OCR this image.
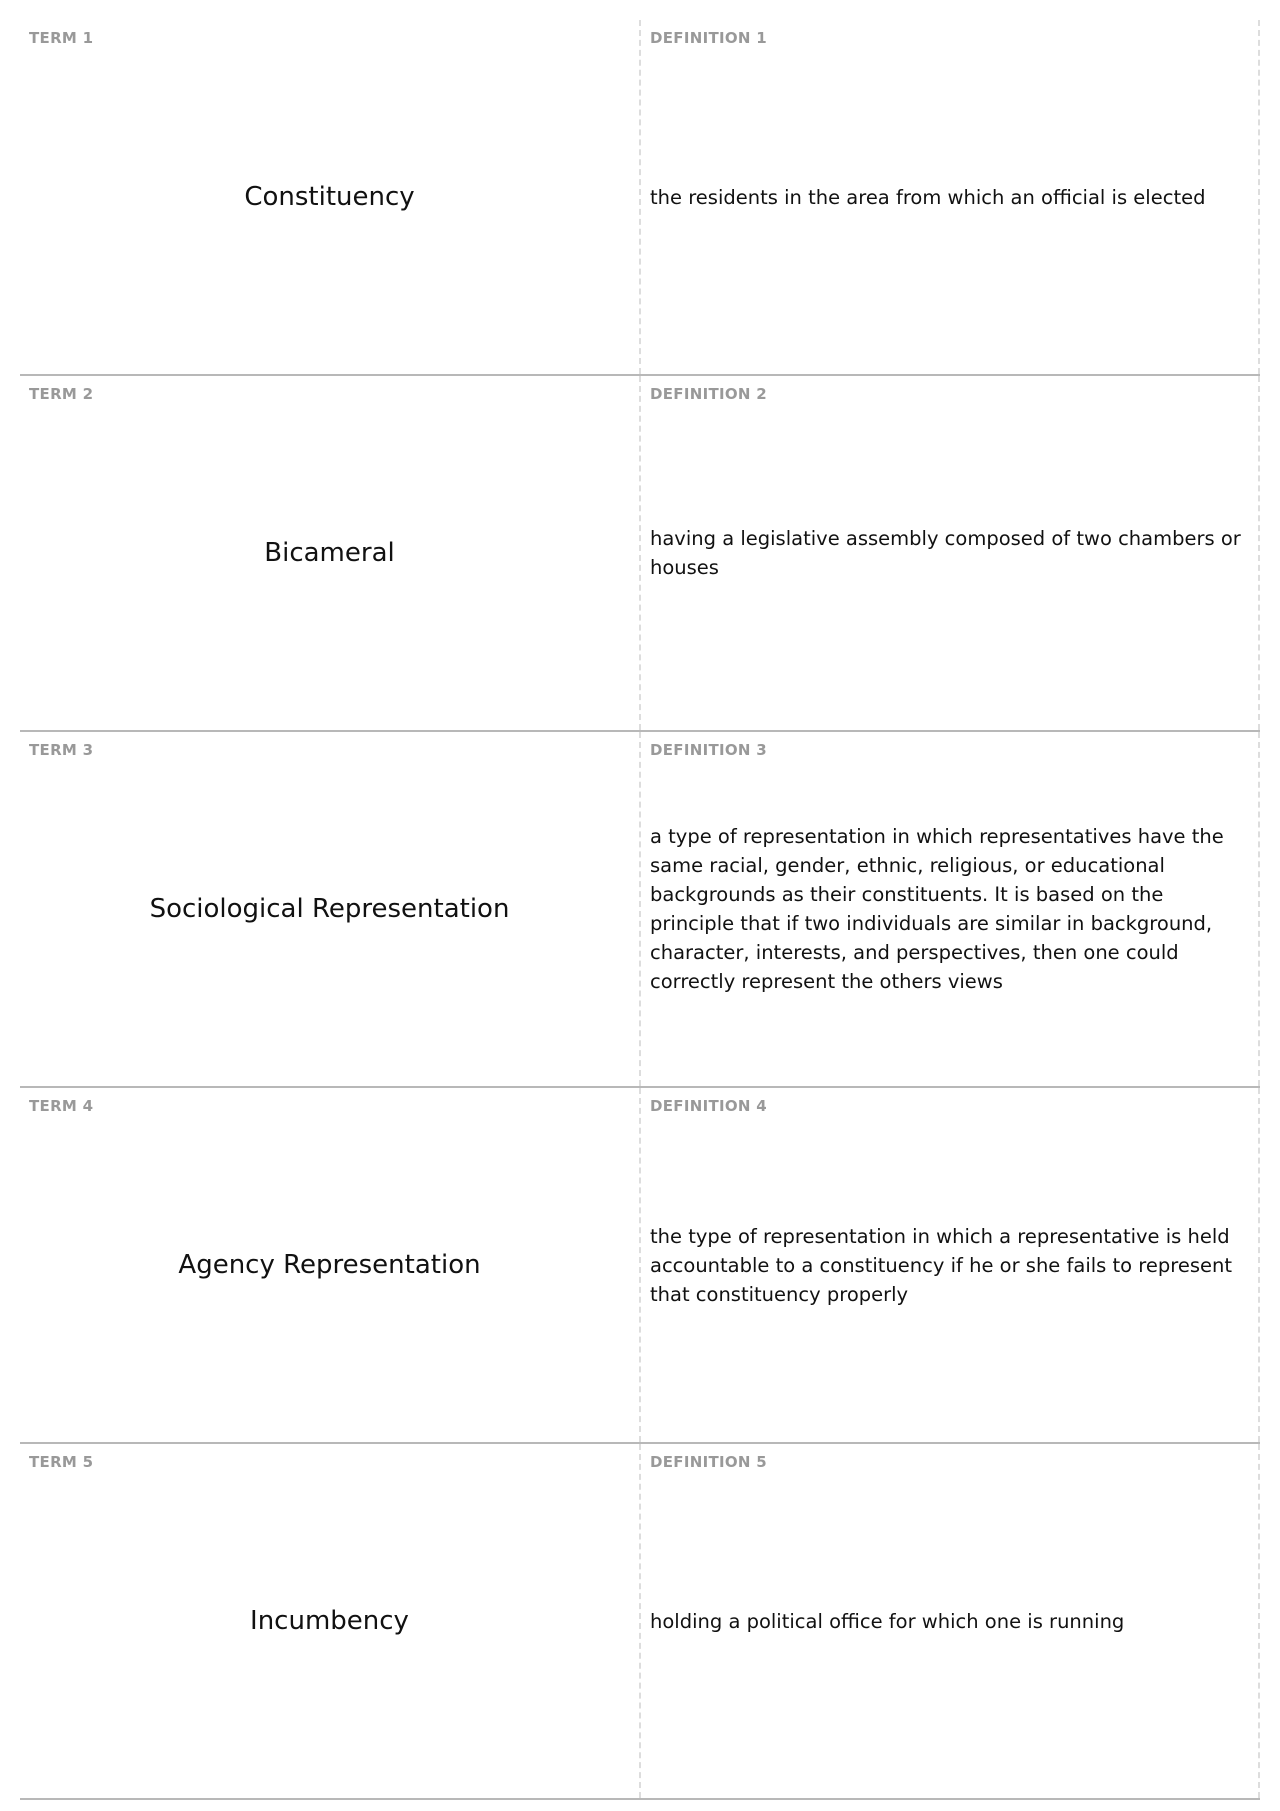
TERM 1
Constituency
DEFINITION 1
the residents in the area from which an official is elected
TERM 2
Bicameral
DEFINITION 2
having a legislative assembly composed of two chambers or houses
TERM 3
Sociological Representation
DEFINITION 3
a type of representation in which representatives have the same racial, gender, ethnic, religious, or educational backgrounds as their constituents. It is based on the principle that if two individuals are similar in background, character, interests, and perspectives, then one could correctly represent the others views
TERM 4
Agency Representation
DEFINITION 4
the type of representation in which a representative is held accountable to a constituency if he or she fails to represent that constituency properly
TERM 5
Incumbency
DEFINITION 5
holding a political office for which one is running
